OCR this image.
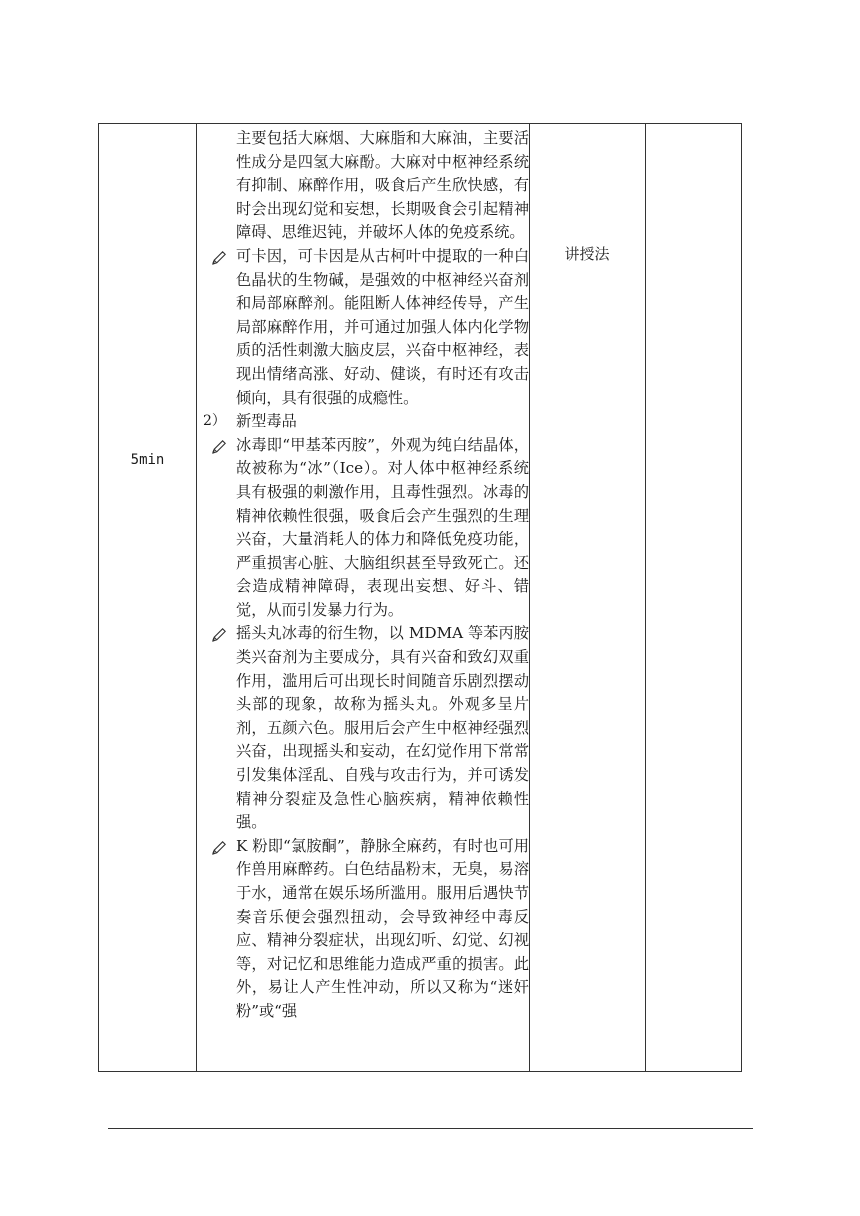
5min
讲授法
主要包括大麻烟、大麻脂和大麻油，主要活性成分是四氢大麻酚。大麻对中枢神经系统有抑制、麻醉作用，吸食后产生欣快感，有时会出现幻觉和妄想，长期吸食会引起精神障碍、思维迟钝，并破坏人体的免疫系统。
可卡因，可卡因是从古柯叶中提取的一种白色晶状的生物碱，是强效的中枢神经兴奋剂和局部麻醉剂。能阻断人体神经传导，产生局部麻醉作用，并可通过加强人体内化学物质的活性刺激大脑皮层，兴奋中枢神经，表现出情绪高涨、好动、健谈，有时还有攻击倾向，具有很强的成瘾性。
2） 新型毒品
冰毒即“甲基苯丙胺”，外观为纯白结晶体，故被称为“冰”（Ice）。对人体中枢神经系统具有极强的刺激作用，且毒性强烈。冰毒的精神依赖性很强，吸食后会产生强烈的生理兴奋，大量消耗人的体力和降低免疫功能，严重损害心脏、大脑组织甚至导致死亡。还会造成精神障碍，表现出妄想、好斗、错觉，从而引发暴力行为。
摇头丸冰毒的衍生物，以 MDMA 等苯丙胺类兴奋剂为主要成分，具有兴奋和致幻双重作用，滥用后可出现长时间随音乐剧烈摆动头部的现象，故称为摇头丸。外观多呈片剂，五颜六色。服用后会产生中枢神经强烈兴奋，出现摇头和妄动，在幻觉作用下常常引发集体淫乱、自残与攻击行为，并可诱发精神分裂症及急性心脑疾病，精神依赖性强。
K 粉即“氯胺酮”，静脉全麻药，有时也可用作兽用麻醉药。白色结晶粉末，无臭，易溶于水，通常在娱乐场所滥用。服用后遇快节奏音乐便会强烈扭动，会导致神经中毒反应、精神分裂症状，出现幻听、幻觉、幻视等，对记忆和思维能力造成严重的损害。此外，易让人产生性冲动，所以又称为“迷奸粉”或“强
